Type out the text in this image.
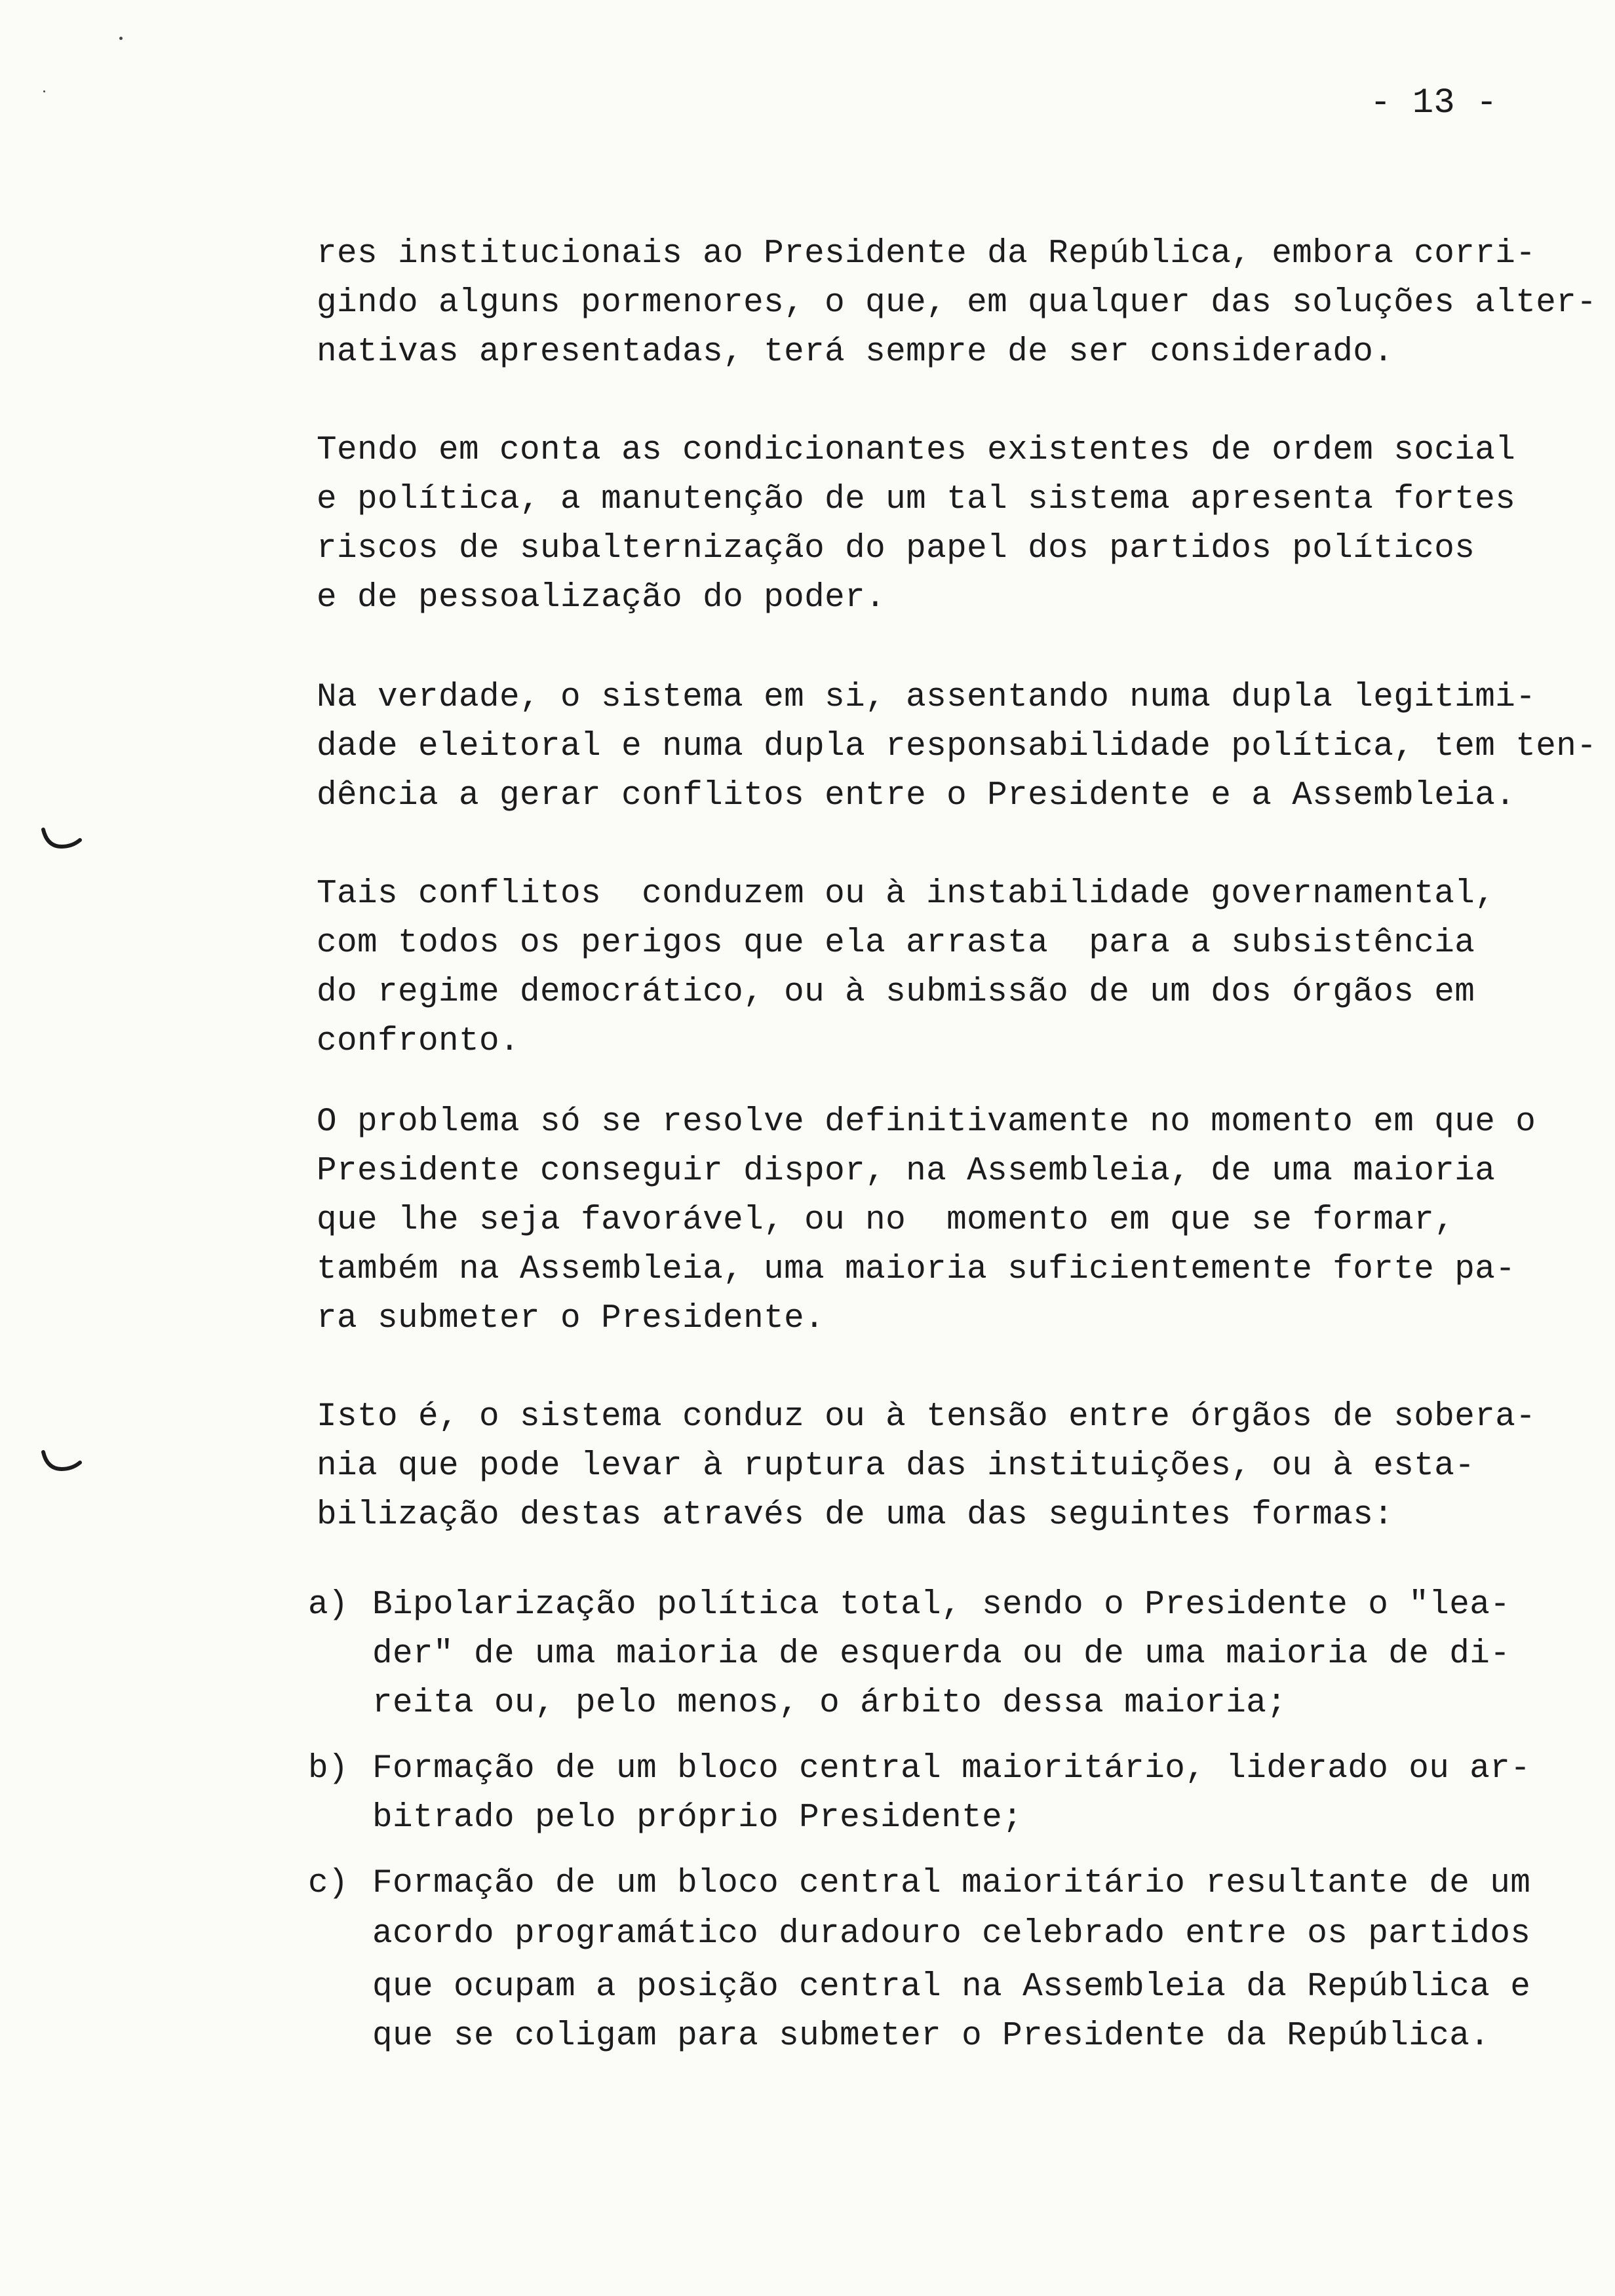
- 13 -
res institucionais ao Presidente da República, embora corri-
gindo alguns pormenores, o que, em qualquer das soluções alter-
nativas apresentadas, terá sempre de ser considerado.
Tendo em conta as condicionantes existentes de ordem social
e política, a manutenção de um tal sistema apresenta fortes
riscos de subalternização do papel dos partidos políticos
e de pessoalização do poder.
Na verdade, o sistema em si, assentando numa dupla legitimi-
dade eleitoral e numa dupla responsabilidade política, tem ten-
dência a gerar conflitos entre o Presidente e a Assembleia.
Tais conflitos  conduzem ou à instabilidade governamental,
com todos os perigos que ela arrasta  para a subsistência
do regime democrático, ou à submissão de um dos órgãos em
confronto.
O problema só se resolve definitivamente no momento em que o
Presidente conseguir dispor, na Assembleia, de uma maioria
que lhe seja favorável, ou no  momento em que se formar,
também na Assembleia, uma maioria suficientemente forte pa-
ra submeter o Presidente.
Isto é, o sistema conduz ou à tensão entre órgãos de sobera-
nia que pode levar à ruptura das instituições, ou à estа-
bilização destas através de uma das seguintes formas:
a) Bipolarização política total, sendo o Presidente o "lea-
der" de uma maioria de esquerda ou de uma maioria de di-
reita ou, pelo menos, o árbito dessa maioria;
b) Formação de um bloco central maioritário, liderado ou ar-
bitrado pelo próprio Presidente;
c) Formação de um bloco central maioritário resultante de um
acordo programático duradouro celebrado entre os partidos
que ocupam a posição central na Assembleia da República e
que se coligam para submeter o Presidente da República.
